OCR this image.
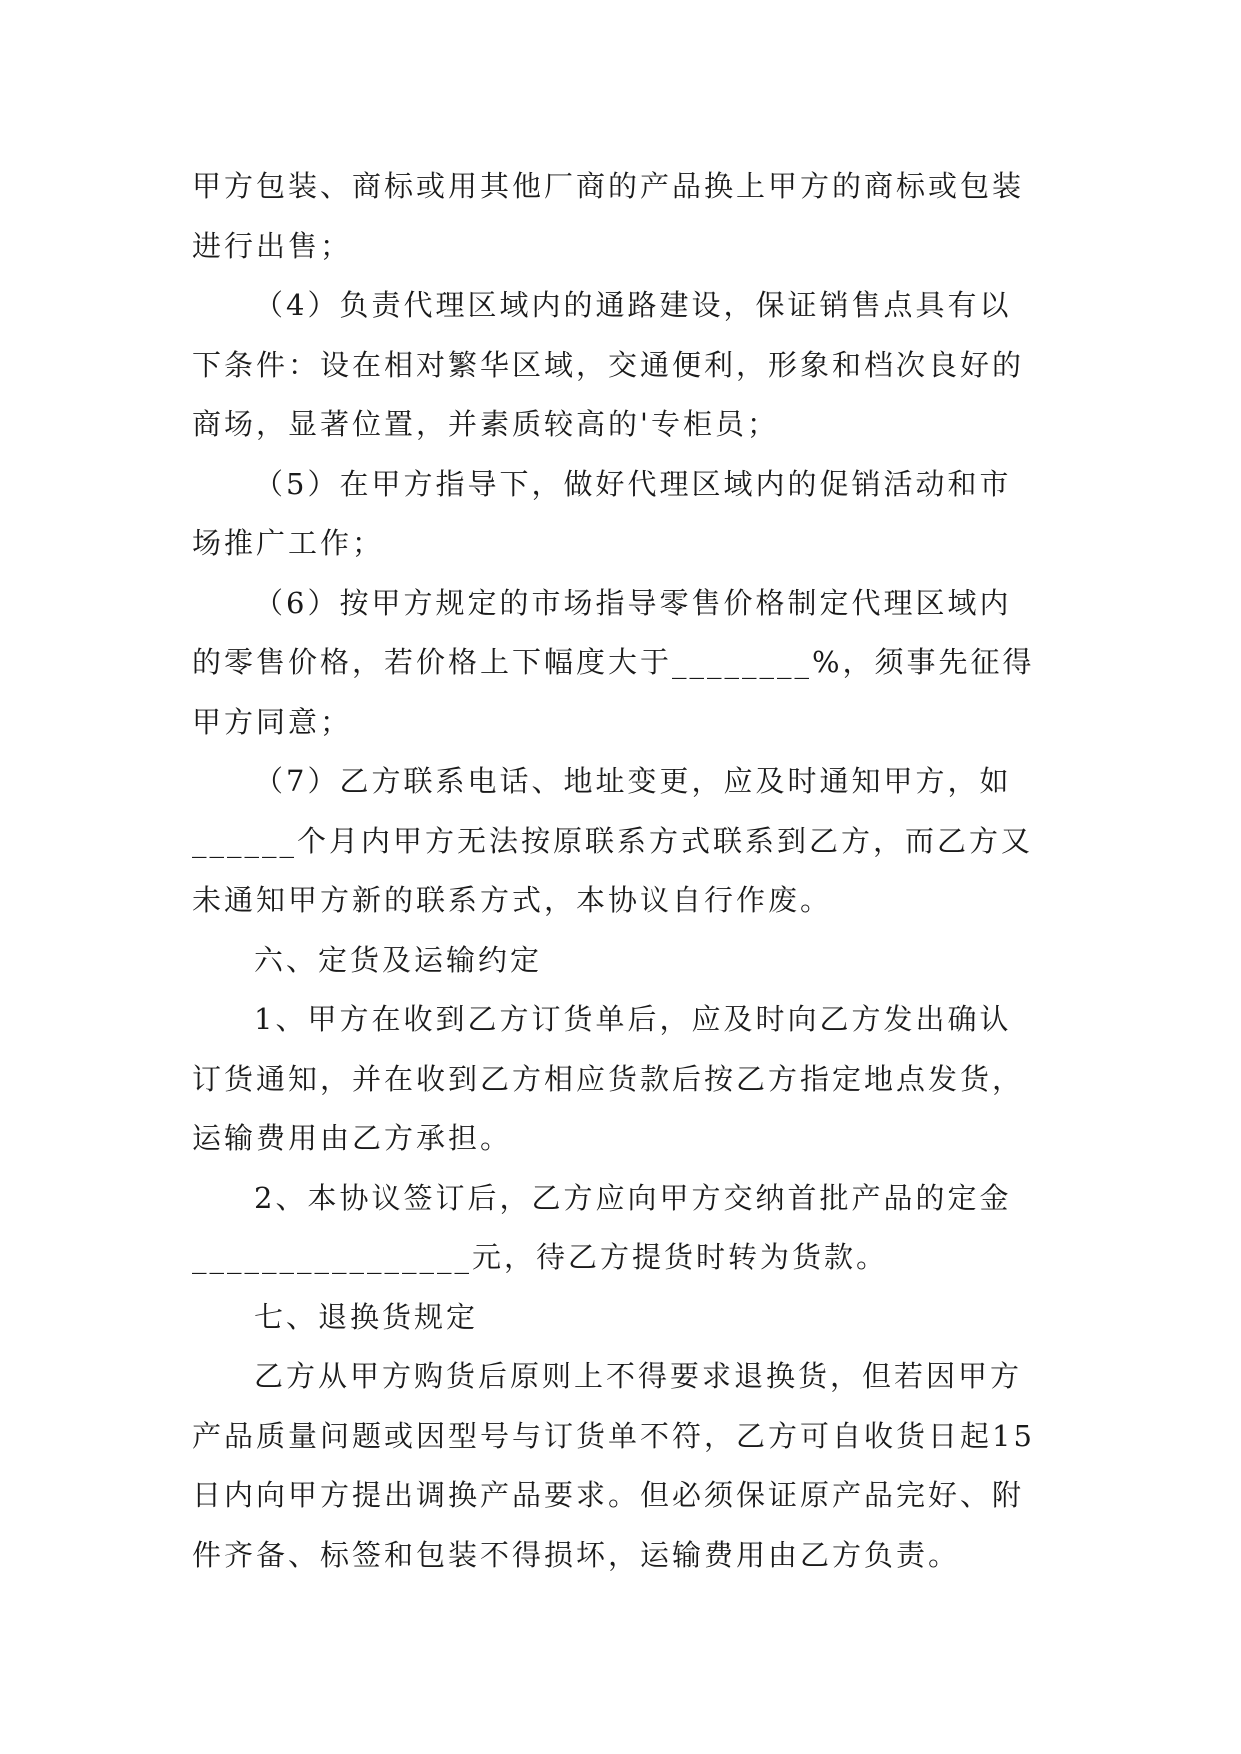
甲方包装、商标或用其他厂商的产品换上甲方的商标或包装
进行出售；
（4）负责代理区域内的通路建设，保证销售点具有以
下条件：设在相对繁华区域，交通便利，形象和档次良好的
商场，显著位置，并素质较高的'专柜员；
（5）在甲方指导下，做好代理区域内的促销活动和市
场推广工作；
（6）按甲方规定的市场指导零售价格制定代理区域内
的零售价格，若价格上下幅度大于________%，须事先征得
甲方同意；
（7）乙方联系电话、地址变更，应及时通知甲方，如
______个月内甲方无法按原联系方式联系到乙方，而乙方又
未通知甲方新的联系方式，本协议自行作废。
六、定货及运输约定
1、甲方在收到乙方订货单后，应及时向乙方发出确认
订货通知，并在收到乙方相应货款后按乙方指定地点发货，
运输费用由乙方承担。
2、本协议签订后，乙方应向甲方交纳首批产品的定金
________________元，待乙方提货时转为货款。
七、退换货规定
乙方从甲方购货后原则上不得要求退换货，但若因甲方
产品质量问题或因型号与订货单不符，乙方可自收货日起15
日内向甲方提出调换产品要求。但必须保证原产品完好、附
件齐备、标签和包装不得损坏，运输费用由乙方负责。
